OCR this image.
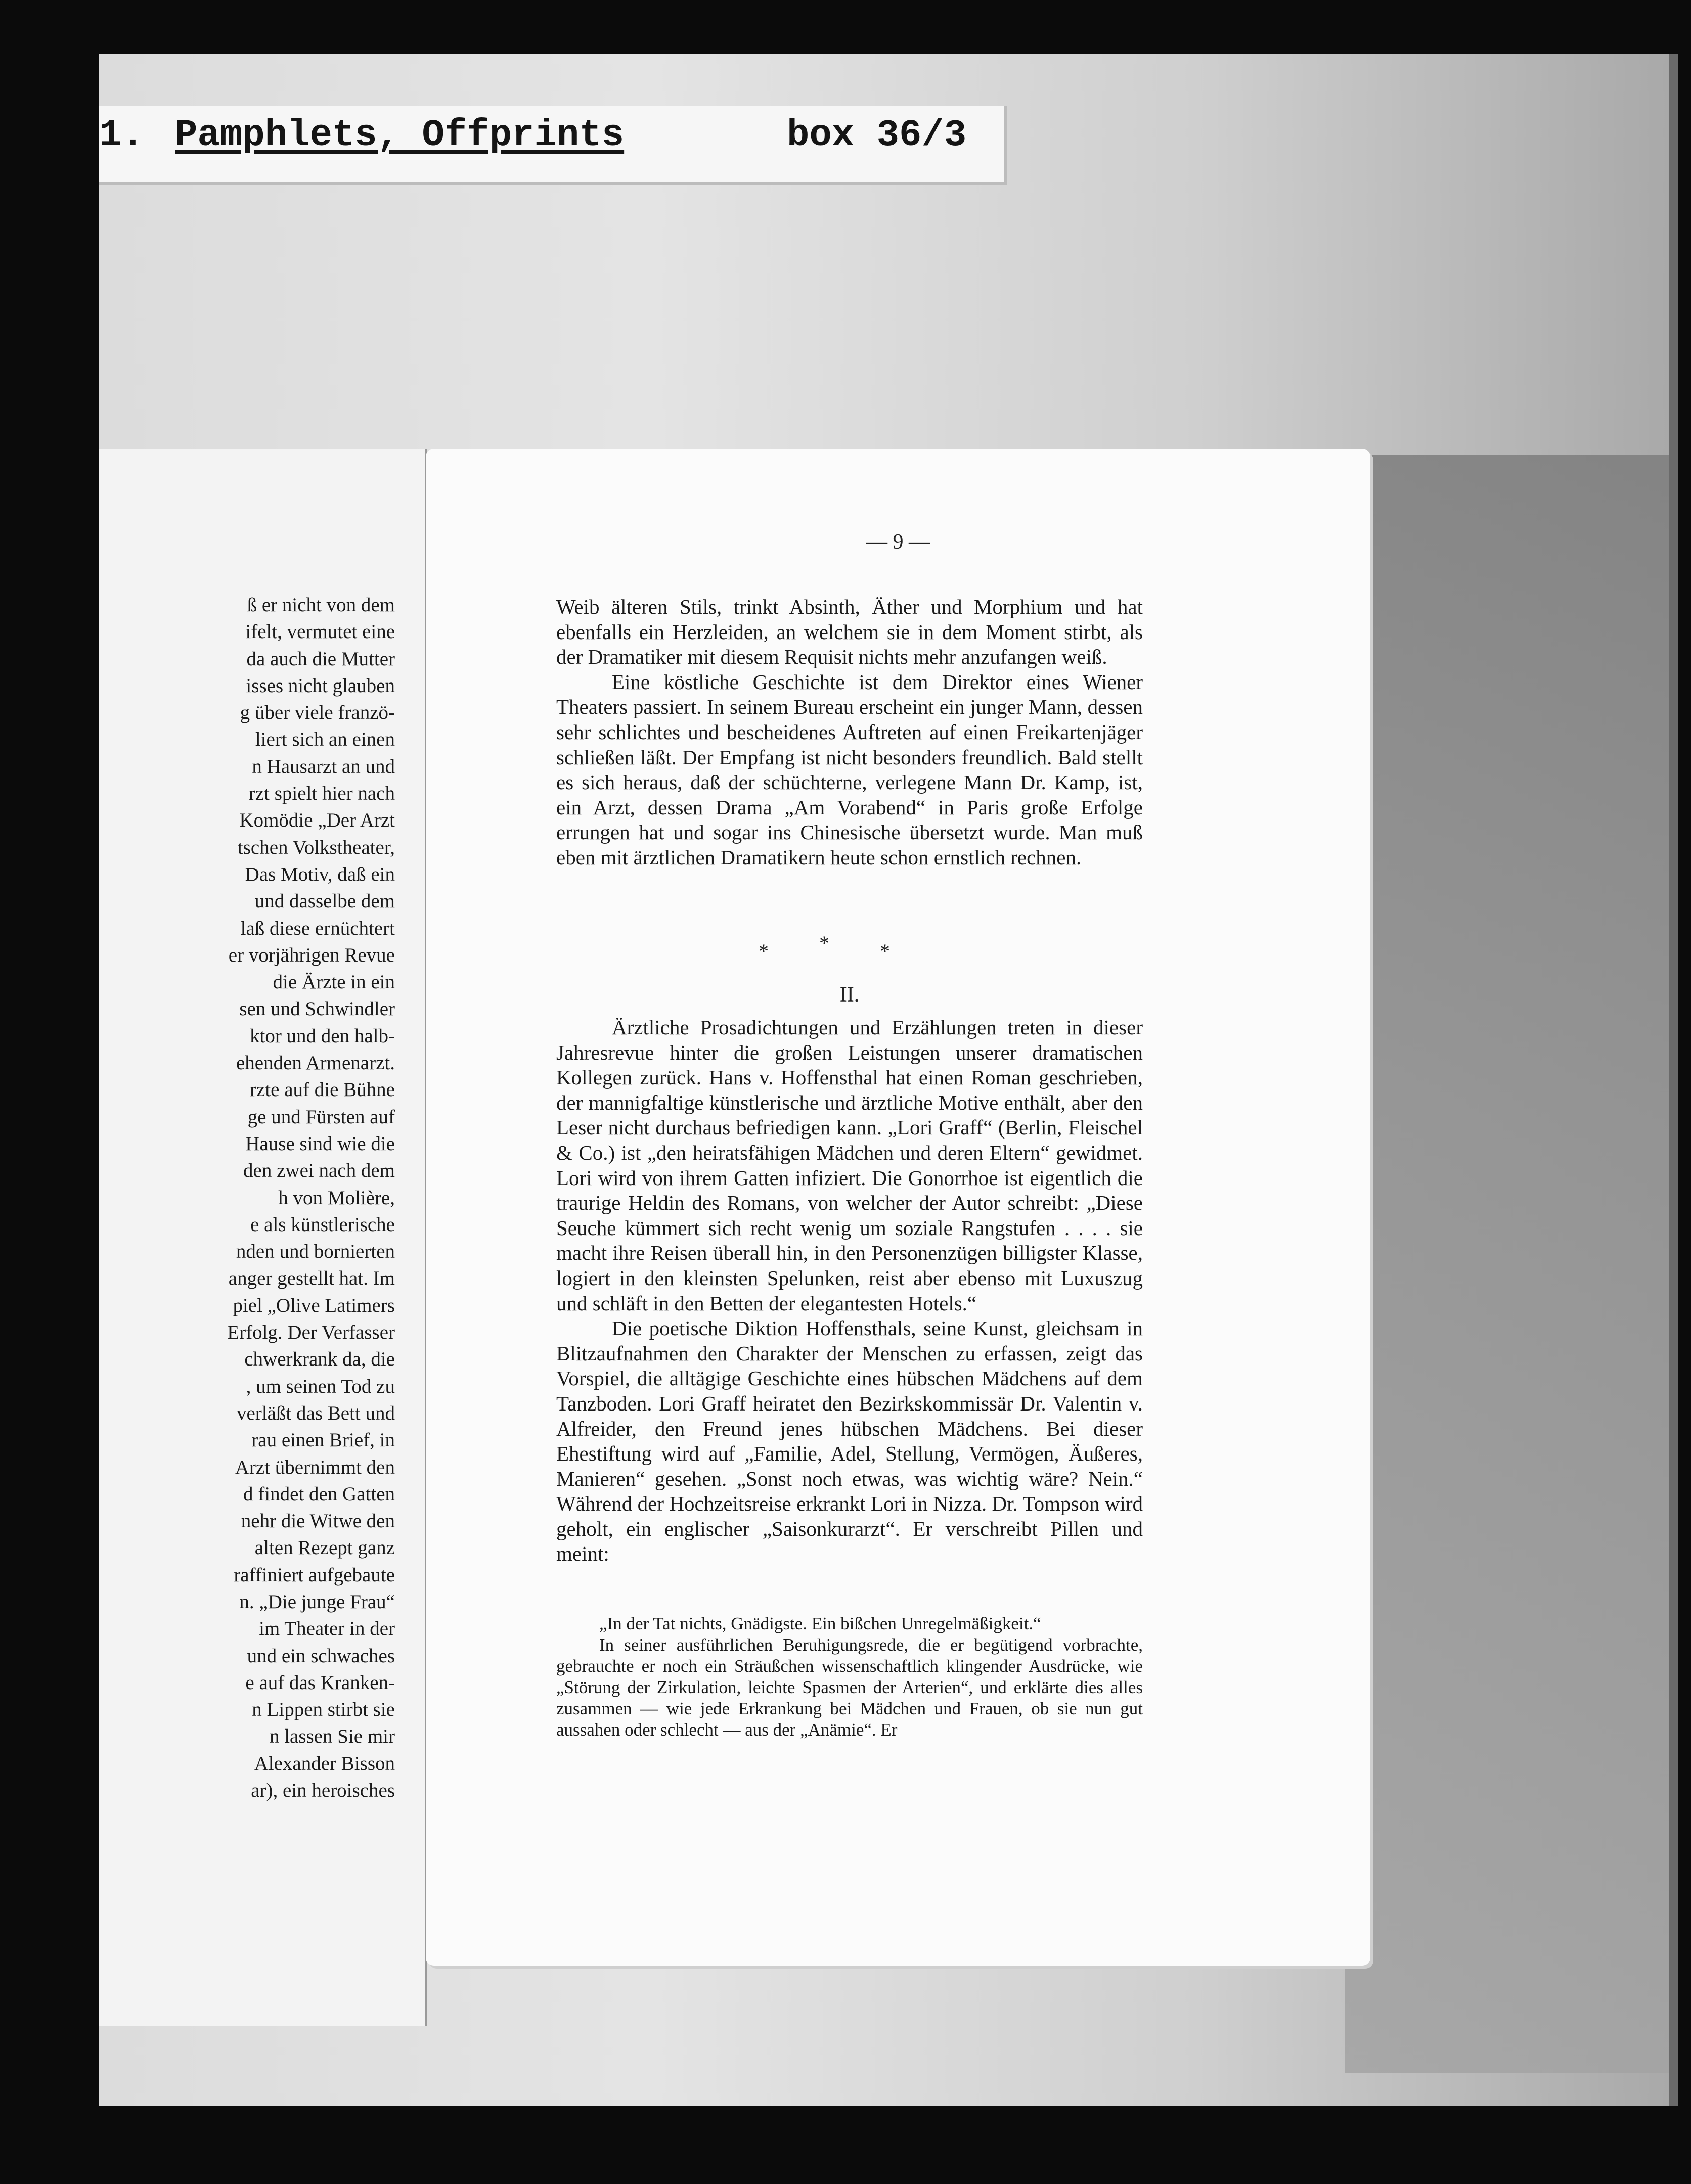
1.

Pamphlets, Offprints

	box 36/3

ß er nicht von dem
ifelt, vermutet eine
da auch die Mutter
isses nicht glauben
g über viele franzö-
liert sich an einen
n Hausarzt an und
rzt spielt hier nach
Komödie „Der Arzt
tschen Volkstheater,
Das Motiv, daß ein
und dasselbe dem
laß diese ernüchtert
er vorjährigen Revue
die Ärzte in ein
sen und Schwindler
ktor und den halb-
ehenden Armenarzt.
rzte auf die Bühne
ge und Fürsten auf
Hause sind wie die
den zwei nach dem
h von Molière,
e als künstlerische
nden und bornierten
anger gestellt hat. Im
piel „Olive Latimers
Erfolg. Der Verfasser
chwerkrank da, die
, um seinen Tod zu
verläßt das Bett und
rau einen Brief, in
Arzt übernimmt den
d findet den Gatten
nehr die Witwe den
alten Rezept ganz
raffiniert aufgebaute
n. „Die junge Frau“
im Theater in der
und ein schwaches
e auf das Kranken-
n Lippen stirbt sie
n lassen Sie mir
Alexander Bisson
ar), ein heroisches
— 9 —

Weib älteren Stils, trinkt Absinth, Äther und Morphium und hat ebenfalls ein Herzleiden, an welchem sie in dem Moment stirbt, als der Dramatiker mit diesem Requisit nichts mehr anzufangen weiß.

Eine köstliche Geschichte ist dem Direktor eines Wiener Theaters passiert. In seinem Bureau erscheint ein junger Mann, dessen sehr schlichtes und bescheidenes Auftreten auf einen Freikartenjäger schließen läßt. Der Empfang ist nicht besonders freundlich. Bald stellt es sich heraus, daß der schüchterne, verlegene Mann Dr. Kamp, ist, ein Arzt, dessen Drama „Am Vorabend“ in Paris große Erfolge errungen hat und sogar ins Chinesische übersetzt wurde. Man muß eben mit ärztlichen Dramatikern heute schon ernstlich rechnen.

***
II.

Ärztliche Prosadichtungen und Erzählungen treten in dieser Jahresrevue hinter die großen Leistungen unserer dramatischen Kollegen zurück. Hans v. Hoffensthal hat einen Roman geschrieben, der mannigfaltige künstlerische und ärztliche Motive enthält, aber den Leser nicht durchaus befriedigen kann. „Lori Graff“ (Berlin, Fleischel & Co.) ist „den heiratsfähigen Mädchen und deren Eltern“ gewidmet. Lori wird von ihrem Gatten infiziert. Die Gonorrhoe ist eigentlich die traurige Heldin des Romans, von welcher der Autor schreibt: „Diese Seuche kümmert sich recht wenig um soziale Rangstufen . . . . sie macht ihre Reisen überall hin, in den Personenzügen billigster Klasse, logiert in den kleinsten Spelunken, reist aber ebenso mit Luxuszug und schläft in den Betten der elegantesten Hotels.“

Die poetische Diktion Hoffensthals, seine Kunst, gleichsam in Blitzaufnahmen den Charakter der Menschen zu erfassen, zeigt das Vorspiel, die alltägige Geschichte eines hübschen Mädchens auf dem Tanzboden. Lori Graff heiratet den Bezirkskommissär Dr. Valentin v. Alfreider, den Freund jenes hübschen Mädchens. Bei dieser Ehestiftung wird auf „Familie, Adel, Stellung, Vermögen, Äußeres, Manieren“ gesehen. „Sonst noch etwas, was wichtig wäre? Nein.“ Während der Hochzeitsreise erkrankt Lori in Nizza. Dr. Tompson wird geholt, ein englischer „Saisonkurarzt“. Er verschreibt Pillen und meint:

„In der Tat nichts, Gnädigste. Ein bißchen Unregelmäßigkeit.“

In seiner ausführlichen Beruhigungsrede, die er begütigend vorbrachte, gebrauchte er noch ein Sträußchen wissenschaftlich klingender Ausdrücke, wie „Störung der Zirkulation, leichte Spasmen der Arterien“, und erklärte dies alles zusammen — wie jede Erkrankung bei Mädchen und Frauen, ob sie nun gut aussahen oder schlecht — aus der „Anämie“. Er
